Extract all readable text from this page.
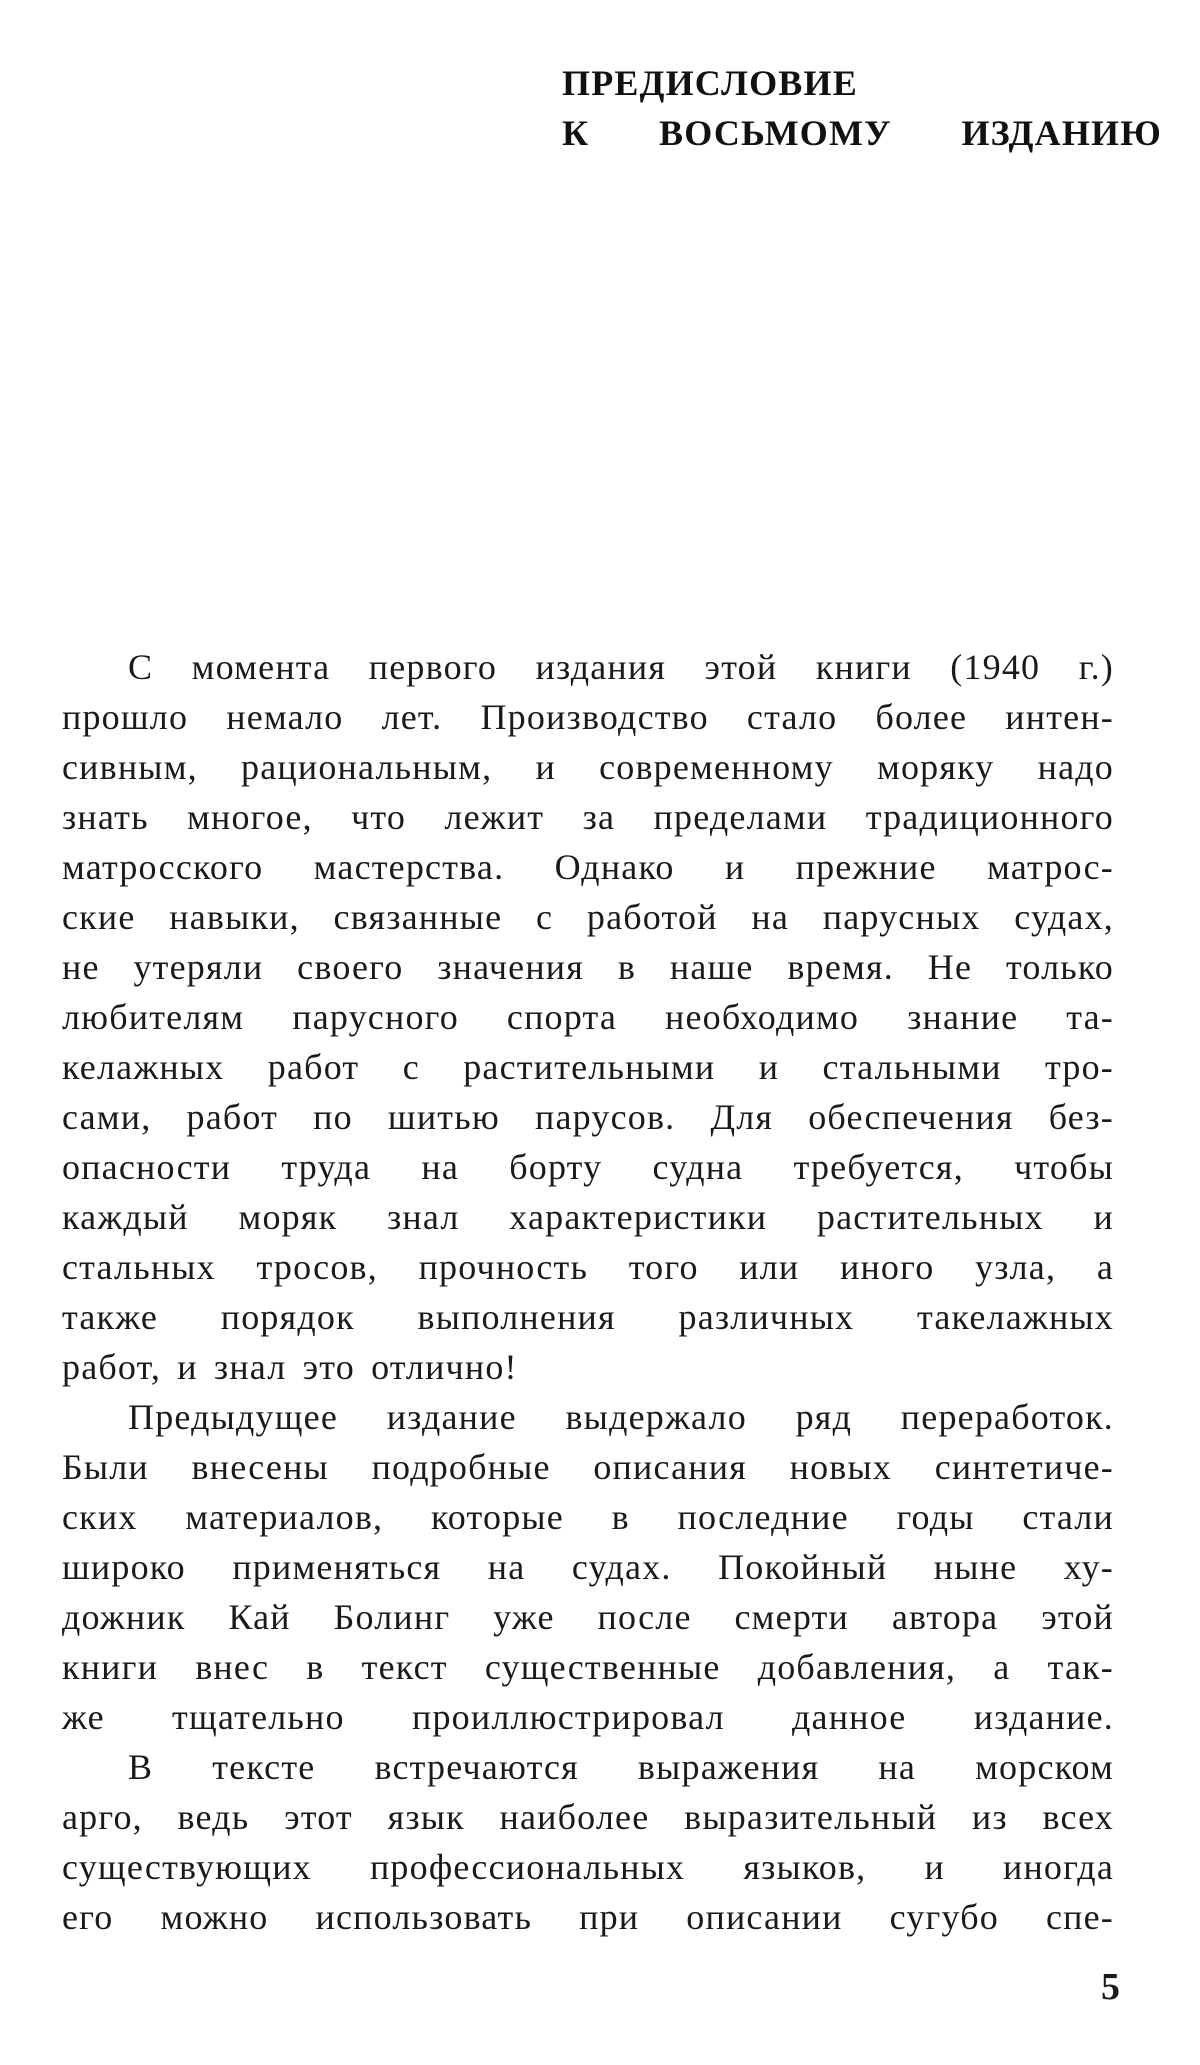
ПРЕДИСЛОВИЕ
К ВОСЬМОМУ ИЗДАНИЮ
С момента первого издания этой книги (1940 г.)
прошло немало лет. Производство стало более интен-
сивным, рациональным, и современному моряку надо
знать многое, что лежит за пределами традиционного
матросского мастерства. Однако и прежние матрос-
ские навыки, связанные с работой на парусных судах,
не утеряли своего значения в наше время. Не только
любителям парусного спорта необходимо знание та-
келажных работ с растительными и стальными тро-
сами, работ по шитью парусов. Для обеспечения без-
опасности труда на борту судна требуется, чтобы
каждый моряк знал характеристики растительных и
стальных тросов, прочность того или иного узла, а
также порядок выполнения различных такелажных
работ, и знал это отлично!
Предыдущее издание выдержало ряд переработок.
Были внесены подробные описания новых синтетиче-
ских материалов, которые в последние годы стали
широко применяться на судах. Покойный ныне ху-
дожник Кай Болинг уже после смерти автора этой
книги внес в текст существенные добавления, а так-
же тщательно проиллюстрировал данное издание.
В тексте встречаются выражения на морском
арго, ведь этот язык наиболее выразительный из всех
существующих профессиональных языков, и иногда
его можно использовать при описании сугубо спе-
5
